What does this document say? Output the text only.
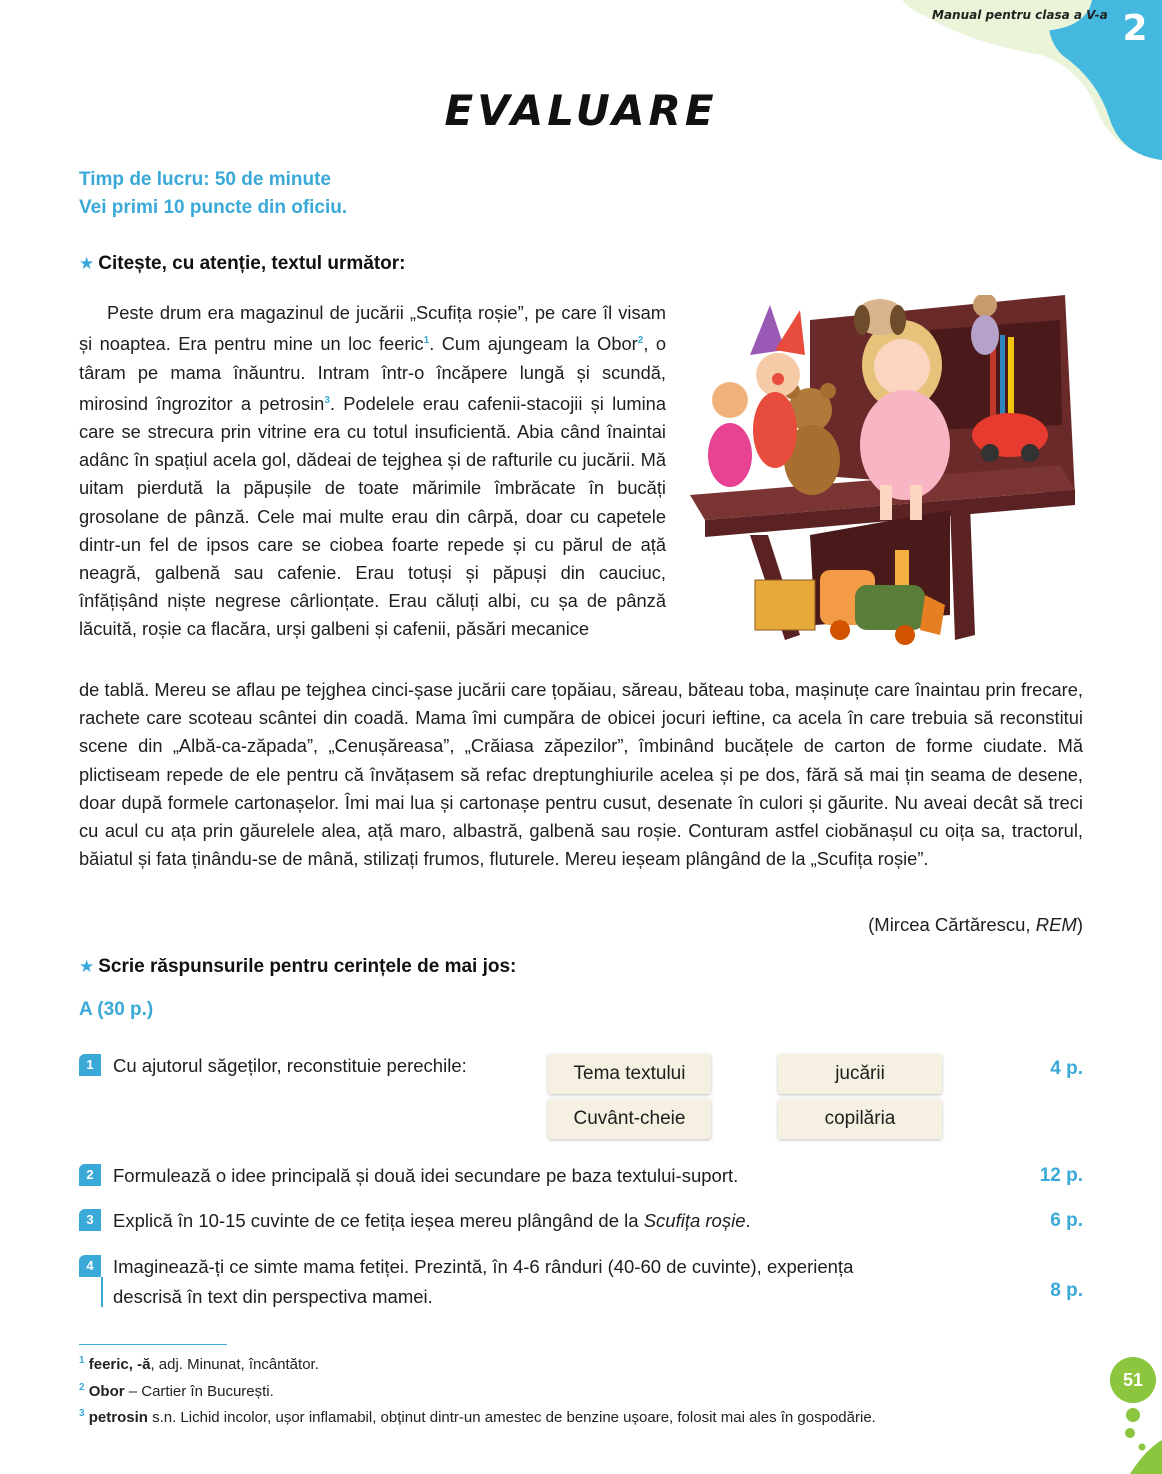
Manual pentru clasa a V-a 2
EVALUARE
Timp de lucru: 50 de minute
Vei primi 10 puncte din oficiu.
★ Citește, cu atenție, textul următor:

Peste drum era magazinul de jucării „Scufița roșie”, pe care îl visam și noaptea. Era pentru mine un loc feeric$^1$. Cum ajungeam la Obor$^2$, o târam pe mama înăuntru. Intram într-o încăpere lungă și scundă, mirosind îngrozitor a petrosin$^3$. Podelele erau cafenii-stacojii și lumina care se strecura prin vitrine era cu totul insuficientă. Abia când înaintai adânc în spațiul acela gol, dădeai de tejghea și de rafturile cu jucării. Mă uitam pierdută la păpușile de toate mărimile îmbrăcate în bucăți grosolane de pânză. Cele mai multe erau din cârpă, doar cu capetele dintr-un fel de ipsos care se ciobea foarte repede și cu părul de ață neagră, galbenă sau cafenie. Erau totuși și păpuși din cauciuc, înfățișând niște negrese cârlionțate. Erau căluți albi, cu șa de pânză lăcuită, roșie ca flacăra, urși galbeni și cafenii, păsări mecanice

de tablă. Mereu se aflau pe tejghea cinci-șase jucării care țopăiau, săreau, băteau toba, mașinuțe care înaintau prin frecare, rachete care scoteau scântei din coadă. Mama îmi cumpăra de obicei jocuri ieftine, ca acela în care trebuia să reconstitui scene din „Albă-ca-zăpada”, „Cenușăreasa”, „Crăiasa zăpezilor”, îmbinând bucățele de carton de forme ciudate. Mă plictiseam repede de ele pentru că învățasem să refac dreptunghiurile acelea și pe dos, fără să mai țin seama de desene, doar după formele cartonașelor. Îmi mai lua și cartonașe pentru cusut, desenate în culori și găurite. Nu aveai decât să treci cu acul cu ața prin găurelele alea, ață maro, albastră, galbenă sau roșie. Conturam astfel ciobănașul cu oița sa, tractorul, băiatul și fata ținându-se de mână, stilizați frumos, fluturele. Mereu ieșeam plângând de la „Scufița roșie”.

(Mircea Cărtărescu, REM)
★ Scrie răspunsurile pentru cerințele de mai jos:
A (30 p.)
1	Cu ajutorul săgeților, reconstituie perechile:	4 p.
Tema textului
Cuvânt-cheie
jucării
copilăria
2	Formulează o idee principală și două idei secundare pe baza textului-suport.	12 p.
3	Explică în 10-15 cuvinte de ce fetița ieșea mereu plângând de la Scufița roșie.	6 p.
4	Imaginează-ți ce simte mama fetiței. Prezintă, în 4-6 rânduri (40-60 de cuvinte), experiența
descrisă în text din perspectiva mamei.	8 p.
$^1$ feeric, -ă, adj. Minunat, încântător.
$^2$ Obor – Cartier în București.
$^3$ petrosin s.n. Lichid incolor, ușor inflamabil, obținut dintr-un amestec de benzine ușoare, folosit mai ales în gospodărie.
51
